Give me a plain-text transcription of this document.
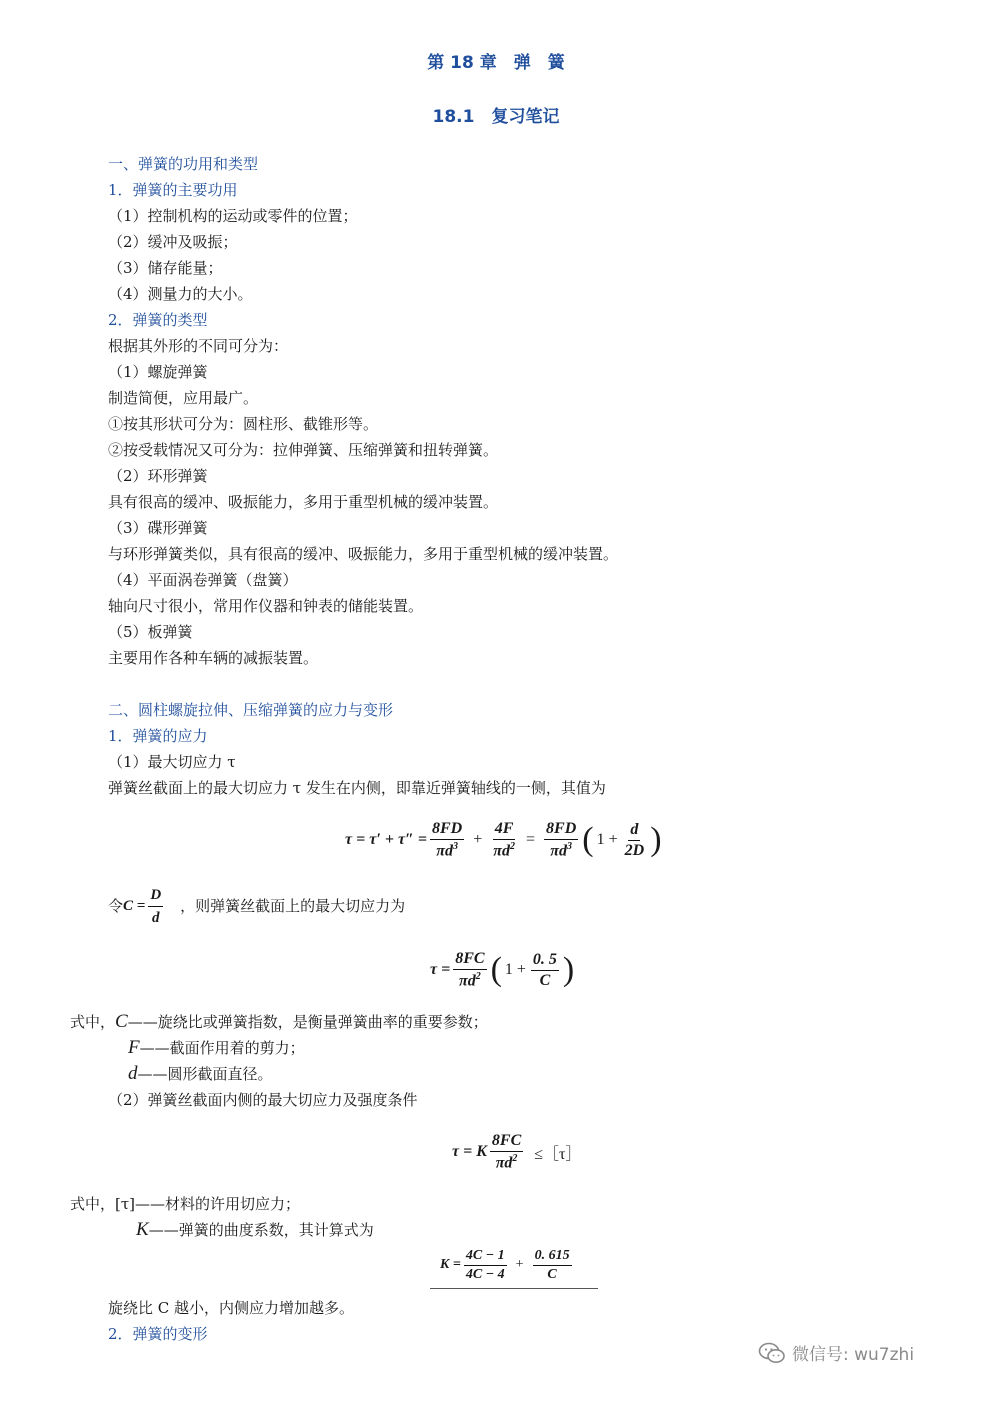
第 18 章　弹　簧
18.1　复习笔记
一、弹簧的功用和类型
1．弹簧的主要功用
（1）控制机构的运动或零件的位置；
（2）缓冲及吸振；
（3）储存能量；
（4）测量力的大小。
2．弹簧的类型
根据其外形的不同可分为：
（1）螺旋弹簧
制造简便，应用最广。
①按其形状可分为：圆柱形、截锥形等。
②按受载情况又可分为：拉伸弹簧、压缩弹簧和扭转弹簧。
（2）环形弹簧
具有很高的缓冲、吸振能力，多用于重型机械的缓冲装置。
（3）碟形弹簧
与环形弹簧类似，具有很高的缓冲、吸振能力，多用于重型机械的缓冲装置。
（4）平面涡卷弹簧（盘簧）
轴向尺寸很小，常用作仪器和钟表的储能装置。
（5）板弹簧
主要用作各种车辆的减振装置。
二、圆柱螺旋拉伸、压缩弹簧的应力与变形
1．弹簧的应力
（1）最大切应力 τ
弹簧丝截面上的最大切应力 τ 发生在内侧，即靠近弹簧轴线的一侧，其值为
$\tau = \tau' + \tau'' = \frac{8FD}{\pi d^3} + \frac{4F}{\pi d^2} = \frac{8FD}{\pi d^3}$ ( $1 + \frac{d}{2D}$ )
令 $C = \frac{D}{d}$ ，则弹簧丝截面上的最大切应力为
$\tau = \frac{8FC}{\pi d^2}$ ( $1 + \frac{0. 5}{C}$ )
式中，C——旋绕比或弹簧指数，是衡量弹簧曲率的重要参数；
F——截面作用着的剪力；
d——圆形截面直径。
（2）弹簧丝截面内侧的最大切应力及强度条件
τ = K $\frac{8FC}{\pi d^2}$ ≤［τ］
式中，[τ]——材料的许用切应力；
K——弹簧的曲度系数，其计算式为
$K = \frac{4C - 1}{4C - 4} + \frac{0. 615}{C}$
旋绕比 C 越小，内侧应力增加越多。
2．弹簧的变形
微信号: wu7zhi
